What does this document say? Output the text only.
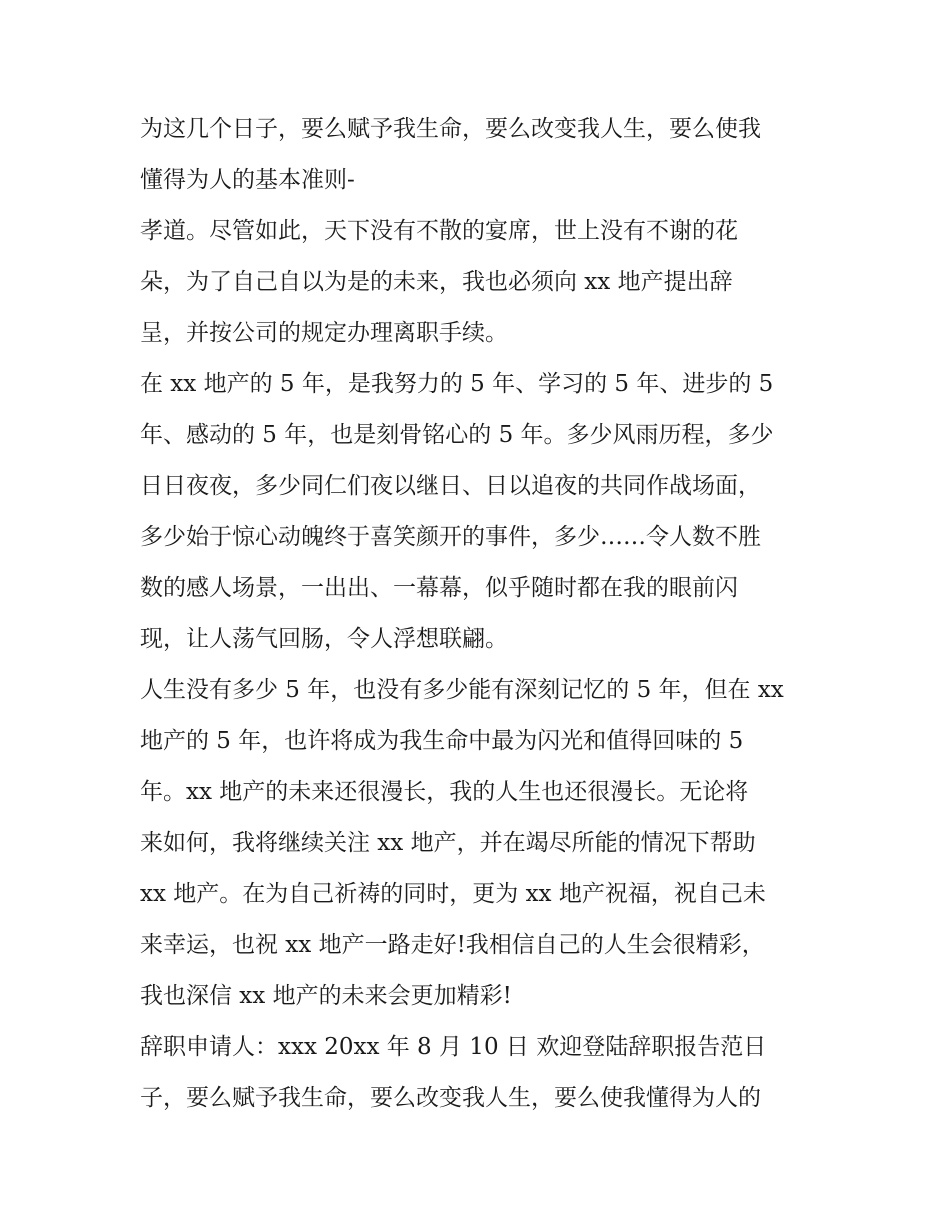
为这几个日子，要么赋予我生命，要么改变我人生，要么使我
懂得为人的基本准则-
孝道。尽管如此，天下没有不散的宴席，世上没有不谢的花
朵，为了自己自以为是的未来，我也必须向 xx 地产提出辞
呈，并按公司的规定办理离职手续。
在 xx 地产的 5 年，是我努力的 5 年、学习的 5 年、进步的 5
年、感动的 5 年，也是刻骨铭心的 5 年。多少风雨历程，多少
日日夜夜，多少同仁们夜以继日、日以追夜的共同作战场面，
多少始于惊心动魄终于喜笑颜开的事件，多少……令人数不胜
数的感人场景，一出出、一幕幕，似乎随时都在我的眼前闪
现，让人荡气回肠，令人浮想联翩。
人生没有多少 5 年，也没有多少能有深刻记忆的 5 年，但在 xx
地产的 5 年，也许将成为我生命中最为闪光和值得回味的 5
年。xx 地产的未来还很漫长，我的人生也还很漫长。无论将
来如何，我将继续关注 xx 地产，并在竭尽所能的情况下帮助
xx 地产。在为自己祈祷的同时，更为 xx 地产祝福，祝自己未
来幸运，也祝 xx 地产一路走好!我相信自己的人生会很精彩，
我也深信 xx 地产的未来会更加精彩!
辞职申请人：xxx 20xx 年 8 月 10 日 欢迎登陆辞职报告范日
子，要么赋予我生命，要么改变我人生，要么使我懂得为人的
